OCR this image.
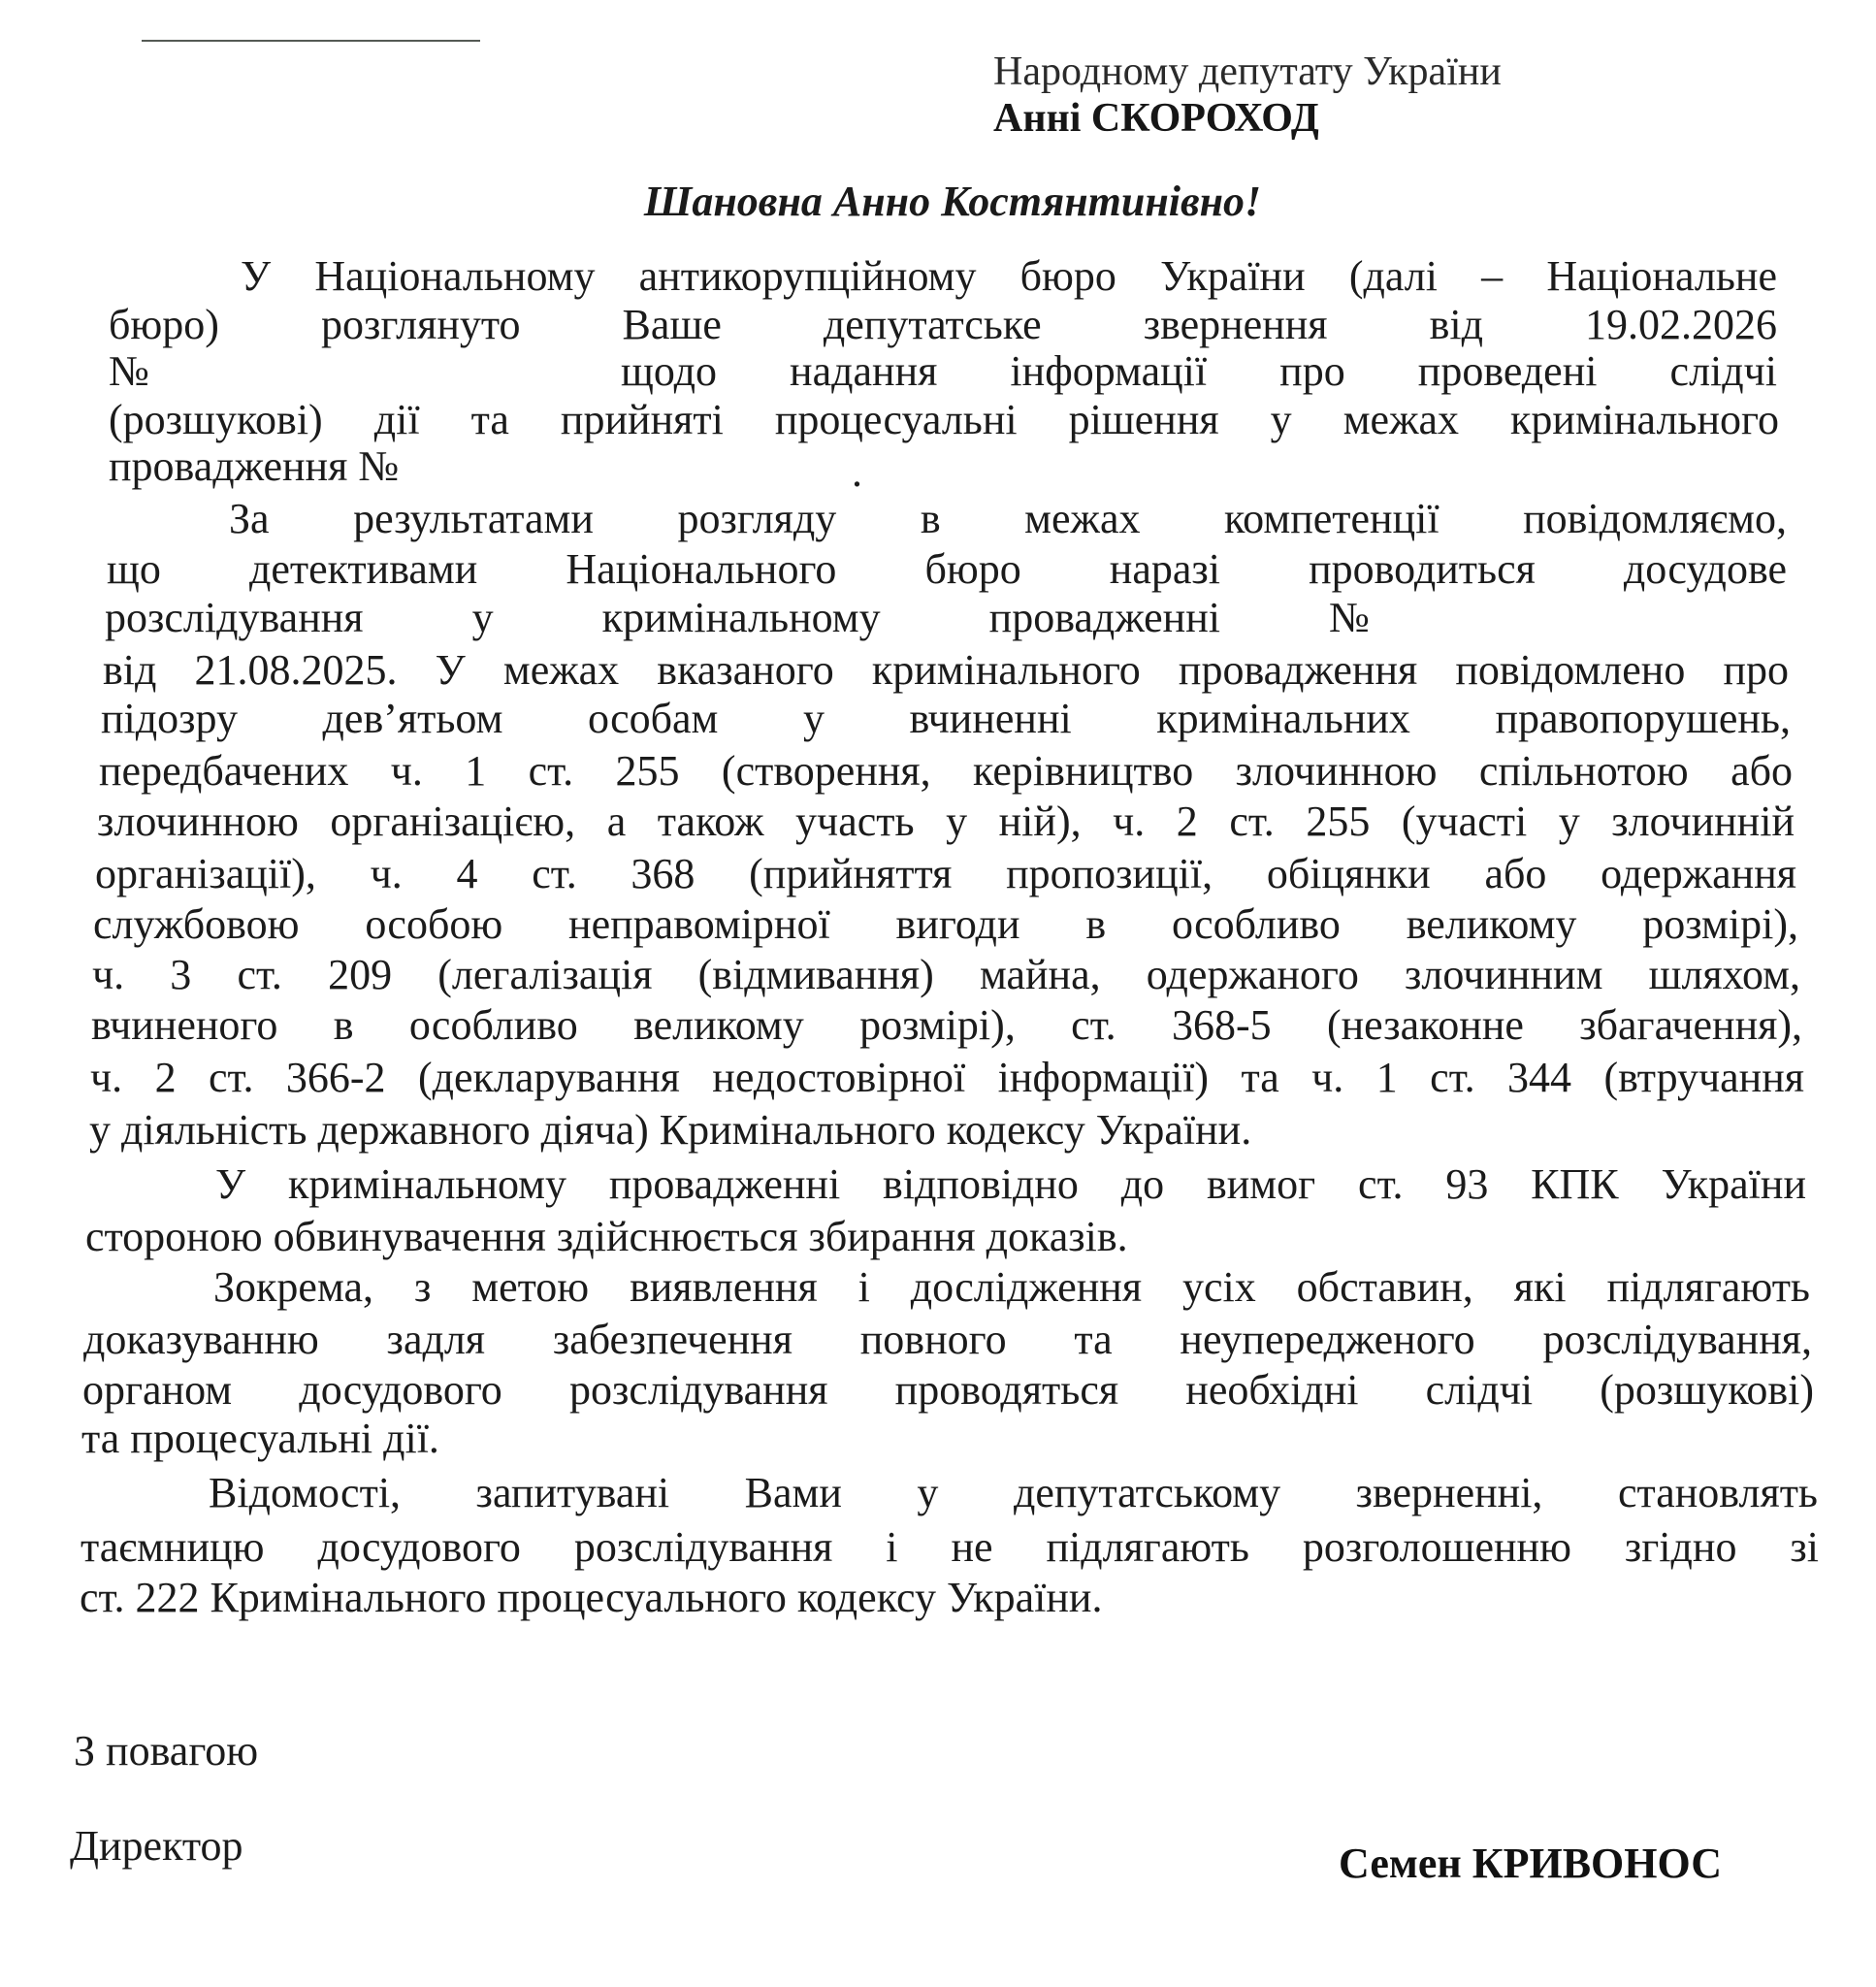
Народному депутату України
Анні СКОРОХОД
Шановна Анно Костянтинівно!
У Національному антикорупційному бюро України (далі – Національне
бюро) розглянуто Ваше депутатське звернення від 19.02.2026
№	щодо надання інформації про проведені слідчі
(розшукові) дії та прийняті процесуальні рішення у межах кримінального
провадження №	.
За результатами розгляду в межах компетенції повідомляємо,
що детективами Національного бюро наразі проводиться досудове
розслідування у кримінальному провадженні №
від 21.08.2025. У межах вказаного кримінального провадження повідомлено про
підозру дев’ятьом особам у вчиненні кримінальних правопорушень,
передбачених ч. 1 ст. 255 (створення, керівництво злочинною спільнотою або
злочинною організацією, а також участь у ній), ч. 2 ст. 255 (участі у злочинній
організації), ч. 4 ст. 368 (прийняття пропозиції, обіцянки або одержання
службовою особою неправомірної вигоди в особливо великому розмірі),
ч. 3 ст. 209 (легалізація (відмивання) майна, одержаного злочинним шляхом,
вчиненого в особливо великому розмірі), ст. 368-5 (незаконне збагачення),
ч. 2 ст. 366-2 (декларування недостовірної інформації) та ч. 1 ст. 344 (втручання
у діяльність державного діяча) Кримінального кодексу України.
У кримінальному провадженні відповідно до вимог ст. 93 КПК України
стороною обвинувачення здійснюється збирання доказів.
Зокрема, з метою виявлення і дослідження усіх обставин, які підлягають
доказуванню задля забезпечення повного та неупередженого розслідування,
органом досудового розслідування проводяться необхідні слідчі (розшукові)
та процесуальні дії.
Відомості, запитувані Вами у депутатському зверненні, становлять
таємницю досудового розслідування і не підлягають розголошенню згідно зі
ст. 222 Кримінального процесуального кодексу України.
З повагою
Директор	Семен КРИВОНОС
